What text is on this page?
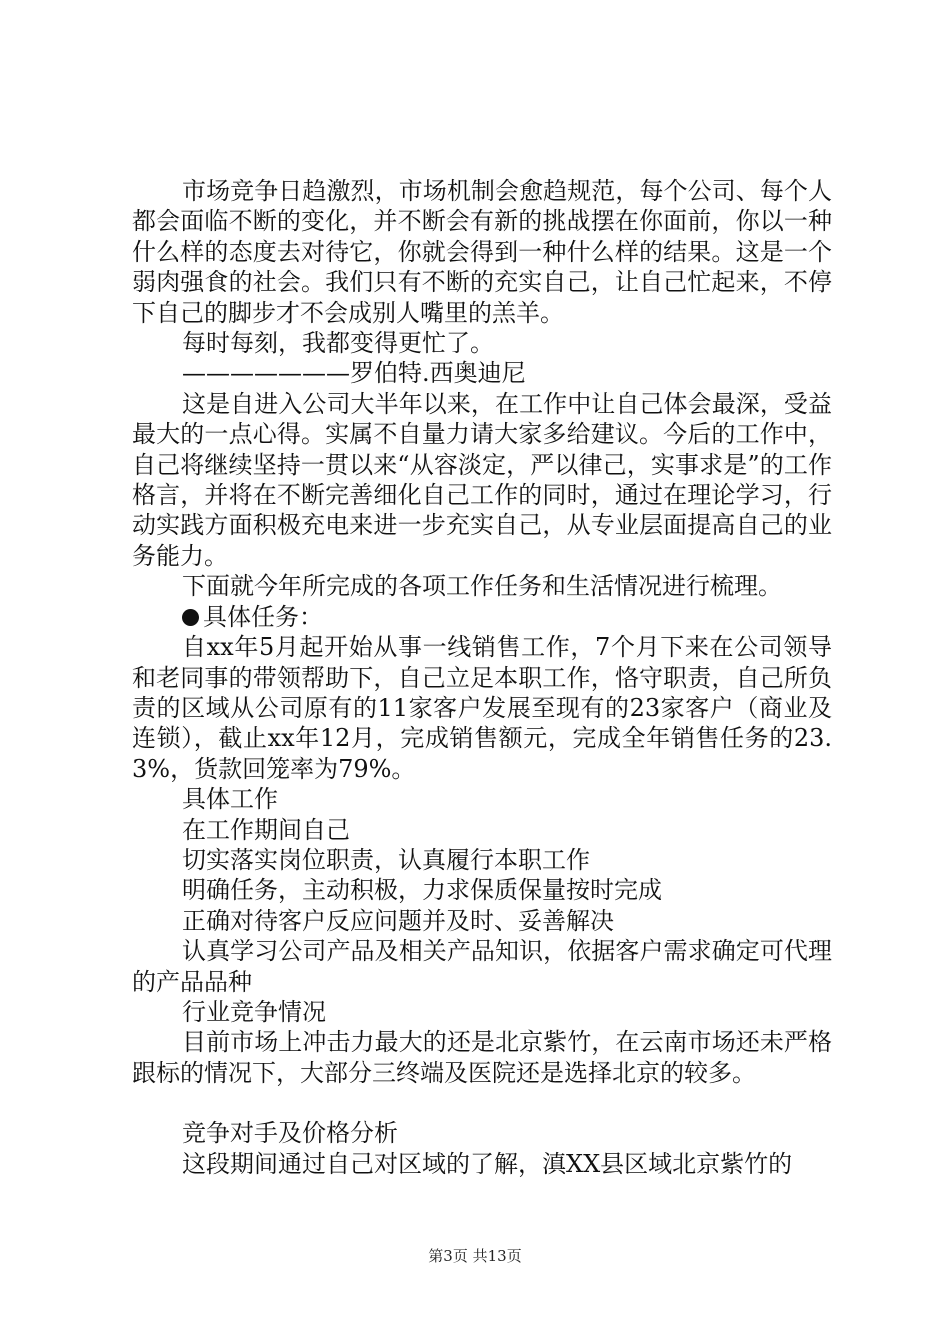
市场竞争日趋激烈，市场机制会愈趋规范，每个公司、每个人都会面临不断的变化，并不断会有新的挑战摆在你面前，你以一种什么样的态度去对待它，你就会得到一种什么样的结果。这是一个弱肉强食的社会。我们只有不断的充实自己，让自己忙起来，不停下自己的脚步才不会成别人嘴里的羔羊。

每时每刻，我都变得更忙了。

———————罗伯特.西奥迪尼

这是自进入公司大半年以来，在工作中让自己体会最深，受益最大的一点心得。实属不自量力请大家多给建议。今后的工作中，自己将继续坚持一贯以来“从容淡定，严以律己，实事求是”的工作格言，并将在不断完善细化自己工作的同时，通过在理论学习，行动实践方面积极充电来进一步充实自己，从专业层面提高自己的业务能力。

下面就今年所完成的各项工作任务和生活情况进行梳理。

具体任务：

自xx年5月起开始从事一线销售工作，7个月下来在公司领导和老同事的带领帮助下，自己立足本职工作，恪守职责，自己所负责的区域从公司原有的11家客户发展至现有的23家客户（商业及连锁），截止xx年12月，完成销售额元，完成全年销售任务的23.3%，货款回笼率为79%。

具体工作

在工作期间自己

切实落实岗位职责，认真履行本职工作

明确任务，主动积极，力求保质保量按时完成

正确对待客户反应问题并及时、妥善解决

认真学习公司产品及相关产品知识，依据客户需求确定可代理的产品品种

行业竞争情况

目前市场上冲击力最大的还是北京紫竹，在云南市场还未严格跟标的情况下，大部分三终端及医院还是选择北京的较多。

竞争对手及价格分析

这段期间通过自己对区域的了解，滇XX县区域北京紫竹的

第3页 共13页
